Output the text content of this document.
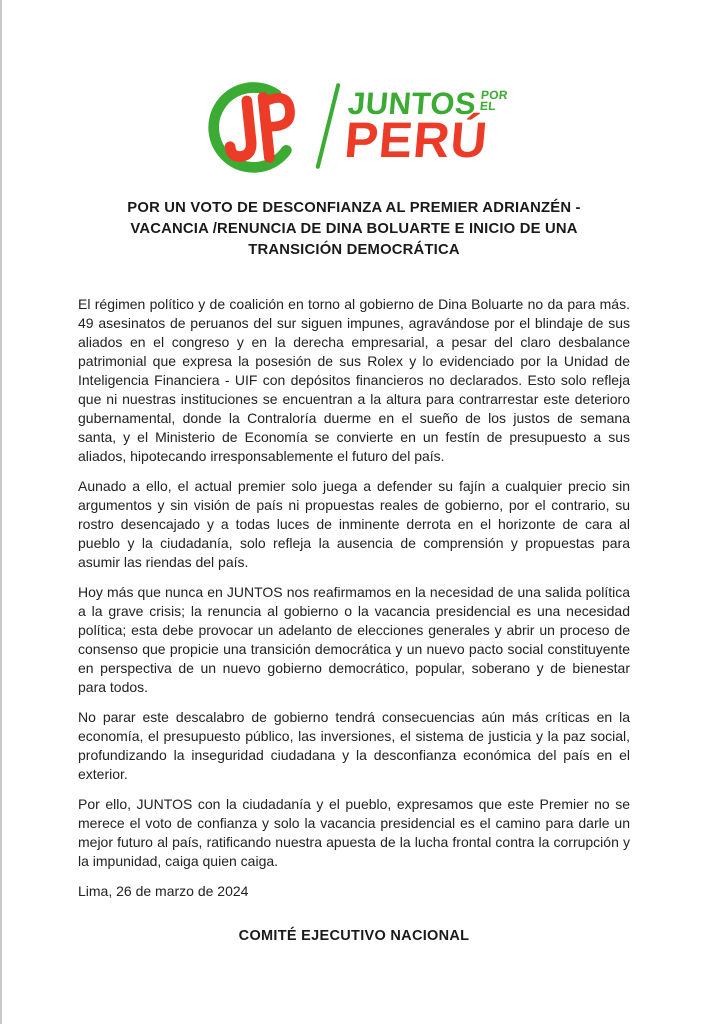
JUNTOS POR
EL
PERÚ
POR UN VOTO DE DESCONFIANZA AL PREMIER ADRIANZÉN -
VACANCIA /RENUNCIA DE DINA BOLUARTE E INICIO DE UNA
TRANSICIÓN DEMOCRÁTICA

El régimen político y de coalición en torno al gobierno de Dina Boluarte no da para más. 49 asesinatos de peruanos del sur siguen impunes, agravándose por el blindaje de sus aliados en el congreso y en la derecha empresarial, a pesar del claro desbalance patrimonial que expresa la posesión de sus Rolex y lo evidenciado por la Unidad de Inteligencia Financiera - UIF con depósitos financieros no declarados. Esto solo refleja que ni nuestras instituciones se encuentran a la altura para contrarrestar este deterioro gubernamental, donde la Contraloría duerme en el sueño de los justos de semana santa, y el Ministerio de Economía se convierte en un festín de presupuesto a sus aliados, hipotecando irresponsablemente el futuro del país.

Aunado a ello, el actual premier solo juega a defender su fajín a cualquier precio sin argumentos y sin visión de país ni propuestas reales de gobierno, por el contrario, su rostro desencajado y a todas luces de inminente derrota en el horizonte de cara al pueblo y la ciudadanía, solo refleja la ausencia de comprensión y propuestas para asumir las riendas del país.

Hoy más que nunca en JUNTOS nos reafirmamos en la necesidad de una salida política a la grave crisis; la renuncia al gobierno o la vacancia presidencial es una necesidad política; esta debe provocar un adelanto de elecciones generales y abrir un proceso de consenso que propicie una transición democrática y un nuevo pacto social constituyente en perspectiva de un nuevo gobierno democrático, popular, soberano y de bienestar para todos.

No parar este descalabro de gobierno tendrá consecuencias aún más críticas en la economía, el presupuesto público, las inversiones, el sistema de justicia y la paz social, profundizando la inseguridad ciudadana y la desconfianza económica del país en el exterior.

Por ello, JUNTOS con la ciudadanía y el pueblo, expresamos que este Premier no se merece el voto de confianza y solo la vacancia presidencial es el camino para darle un mejor futuro al país, ratificando nuestra apuesta de la lucha frontal contra la corrupción y la impunidad, caiga quien caiga.

Lima, 26 de marzo de 2024

COMITÉ EJECUTIVO NACIONAL
